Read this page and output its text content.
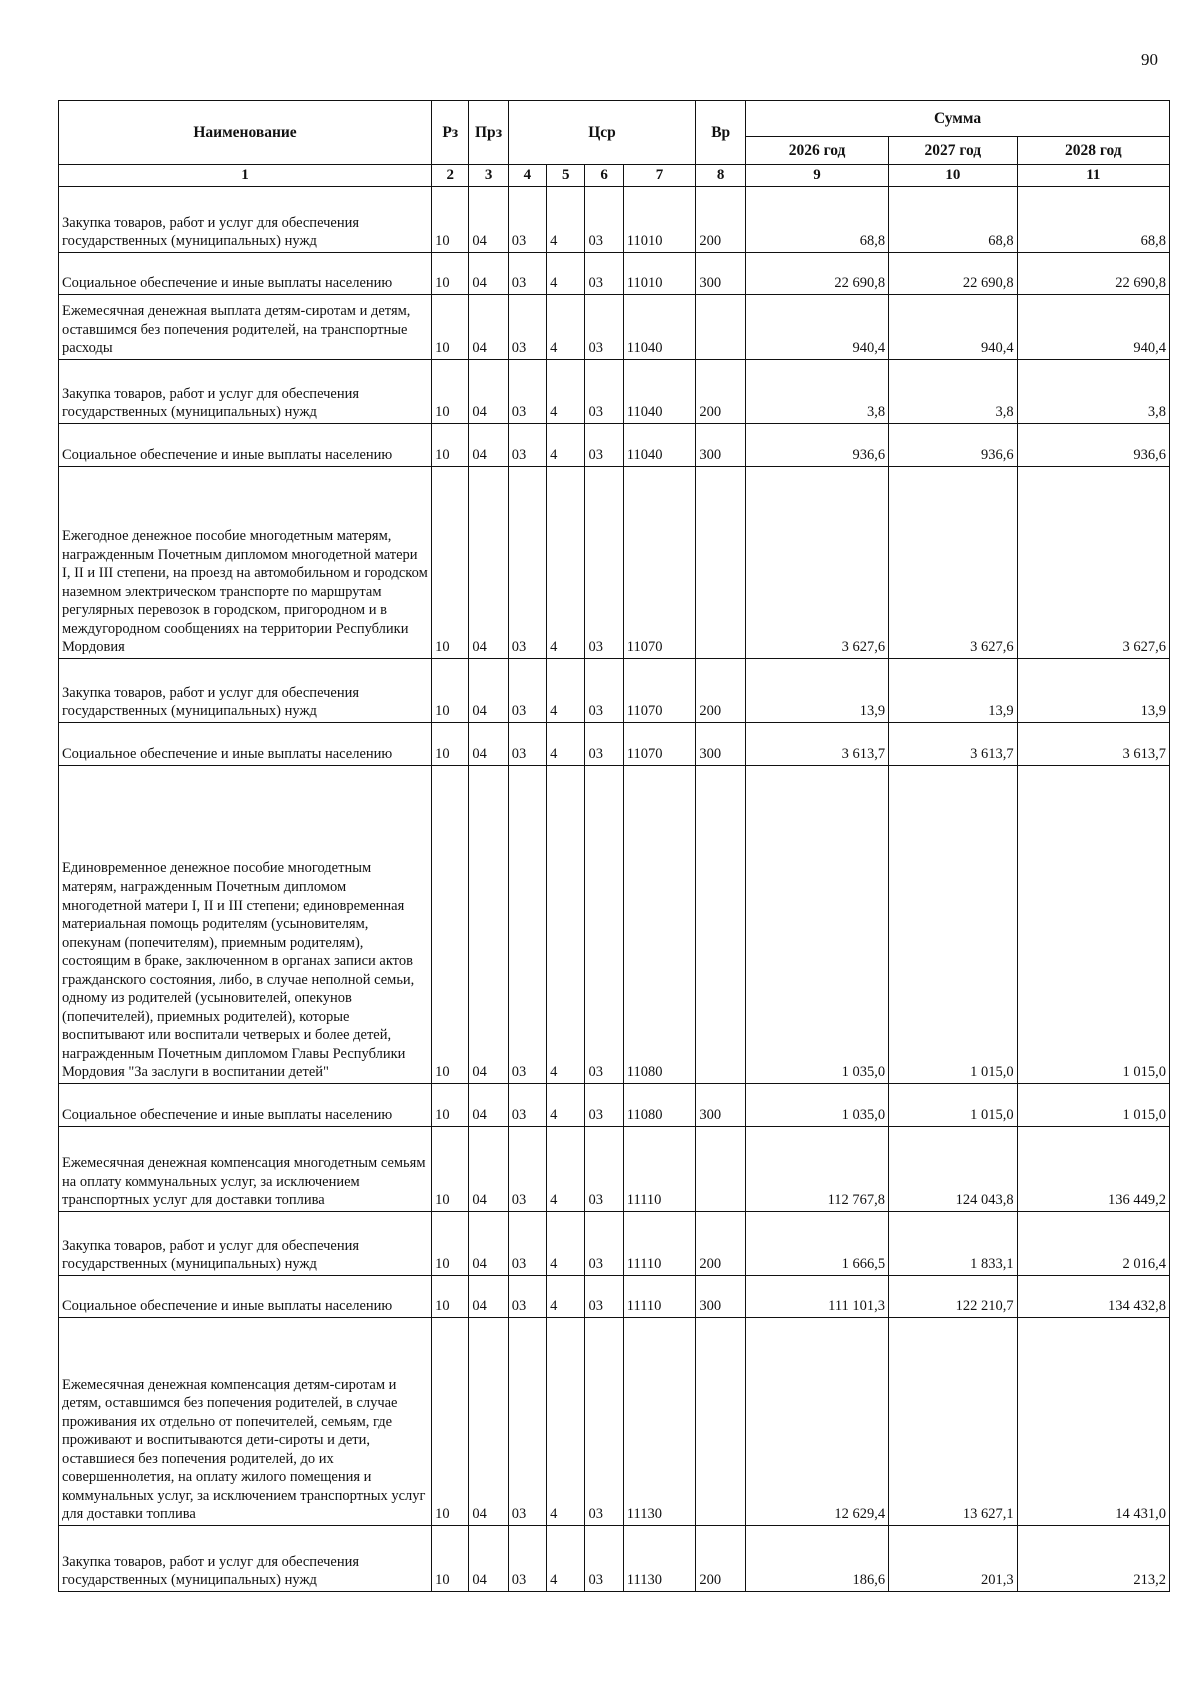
90
Наименование	Рз	Прз	Цср				Вр	Сумма		
								2026 год	2027 год	2028 год
1	2	3	4	5	6	7	8	9	10	11
Закупка товаров, работ и услуг для обеспечения государственных (муниципальных) нужд	10	04	03	4	03	11010	200	68,8	68,8	68,8
Социальное обеспечение и иные выплаты населению	10	04	03	4	03	11010	300	22 690,8	22 690,8	22 690,8
Ежемесячная денежная выплата детям-сиротам и детям, оставшимся без попечения родителей, на транспортные расходы	10	04	03	4	03	11040		940,4	940,4	940,4
Закупка товаров, работ и услуг для обеспечения государственных (муниципальных) нужд	10	04	03	4	03	11040	200	3,8	3,8	3,8
Социальное обеспечение и иные выплаты населению	10	04	03	4	03	11040	300	936,6	936,6	936,6
Ежегодное денежное пособие многодетным матерям, награжденным Почетным дипломом многодетной матери I, II и III степени, на проезд на автомобильном и городском наземном электрическом транспорте по маршрутам регулярных перевозок в городском, пригородном и в междугородном сообщениях на территории Республики Мордовия	10	04	03	4	03	11070		3 627,6	3 627,6	3 627,6
Закупка товаров, работ и услуг для обеспечения государственных (муниципальных) нужд	10	04	03	4	03	11070	200	13,9	13,9	13,9
Социальное обеспечение и иные выплаты населению	10	04	03	4	03	11070	300	3 613,7	3 613,7	3 613,7
Единовременное денежное пособие многодетным матерям, награжденным Почетным дипломом многодетной матери I, II и III степени; единовременная материальная помощь родителям (усыновителям, опекунам (попечителям), приемным родителям), состоящим в браке, заключенном в органах записи актов гражданского состояния, либо, в случае неполной семьи, одному из родителей (усыновителей, опекунов (попечителей), приемных родителей), которые воспитывают или воспитали четверых и более детей, награжденным Почетным дипломом Главы Республики Мордовия "За заслуги в воспитании детей"	10	04	03	4	03	11080		1 035,0	1 015,0	1 015,0
Социальное обеспечение и иные выплаты населению	10	04	03	4	03	11080	300	1 035,0	1 015,0	1 015,0
Ежемесячная денежная компенсация многодетным семьям на оплату коммунальных услуг, за исключением транспортных услуг для доставки топлива	10	04	03	4	03	11110		112 767,8	124 043,8	136 449,2
Закупка товаров, работ и услуг для обеспечения государственных (муниципальных) нужд	10	04	03	4	03	11110	200	1 666,5	1 833,1	2 016,4
Социальное обеспечение и иные выплаты населению	10	04	03	4	03	11110	300	111 101,3	122 210,7	134 432,8
Ежемесячная денежная компенсация детям-сиротам и детям, оставшимся без попечения родителей, в случае проживания их отдельно от попечителей, семьям, где проживают и воспитываются дети-сироты и дети, оставшиеся без попечения родителей, до их совершеннолетия, на оплату жилого помещения и коммунальных услуг, за исключением транспортных услуг для доставки топлива	10	04	03	4	03	11130		12 629,4	13 627,1	14 431,0
Закупка товаров, работ и услуг для обеспечения государственных (муниципальных) нужд	10	04	03	4	03	11130	200	186,6	201,3	213,2
